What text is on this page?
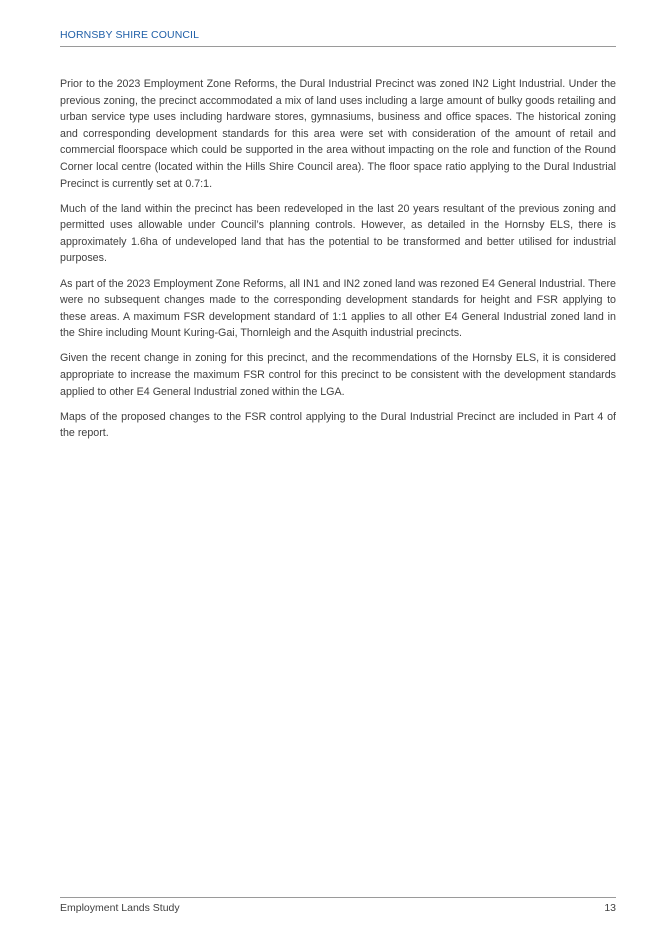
HORNSBY SHIRE COUNCIL

Prior to the 2023 Employment Zone Reforms, the Dural Industrial Precinct was zoned IN2 Light Industrial. Under the previous zoning, the precinct accommodated a mix of land uses including a large amount of bulky goods retailing and urban service type uses including hardware stores, gymnasiums, business and office spaces. The historical zoning and corresponding development standards for this area were set with consideration of the amount of retail and commercial floorspace which could be supported in the area without impacting on the role and function of the Round Corner local centre (located within the Hills Shire Council area). The floor space ratio applying to the Dural Industrial Precinct is currently set at 0.7:1.

Much of the land within the precinct has been redeveloped in the last 20 years resultant of the previous zoning and permitted uses allowable under Council’s planning controls. However, as detailed in the Hornsby ELS, there is approximately 1.6ha of undeveloped land that has the potential to be transformed and better utilised for industrial purposes.

As part of the 2023 Employment Zone Reforms, all IN1 and IN2 zoned land was rezoned E4 General Industrial. There were no subsequent changes made to the corresponding development standards for height and FSR applying to these areas. A maximum FSR development standard of 1:1 applies to all other E4 General Industrial zoned land in the Shire including Mount Kuring-Gai, Thornleigh and the Asquith industrial precincts.

Given the recent change in zoning for this precinct, and the recommendations of the Hornsby ELS, it is considered appropriate to increase the maximum FSR control for this precinct to be consistent with the development standards applied to other E4 General Industrial zoned within the LGA.

Maps of the proposed changes to the FSR control applying to the Dural Industrial Precinct are included in Part 4 of the report.

Employment Lands Study	13
